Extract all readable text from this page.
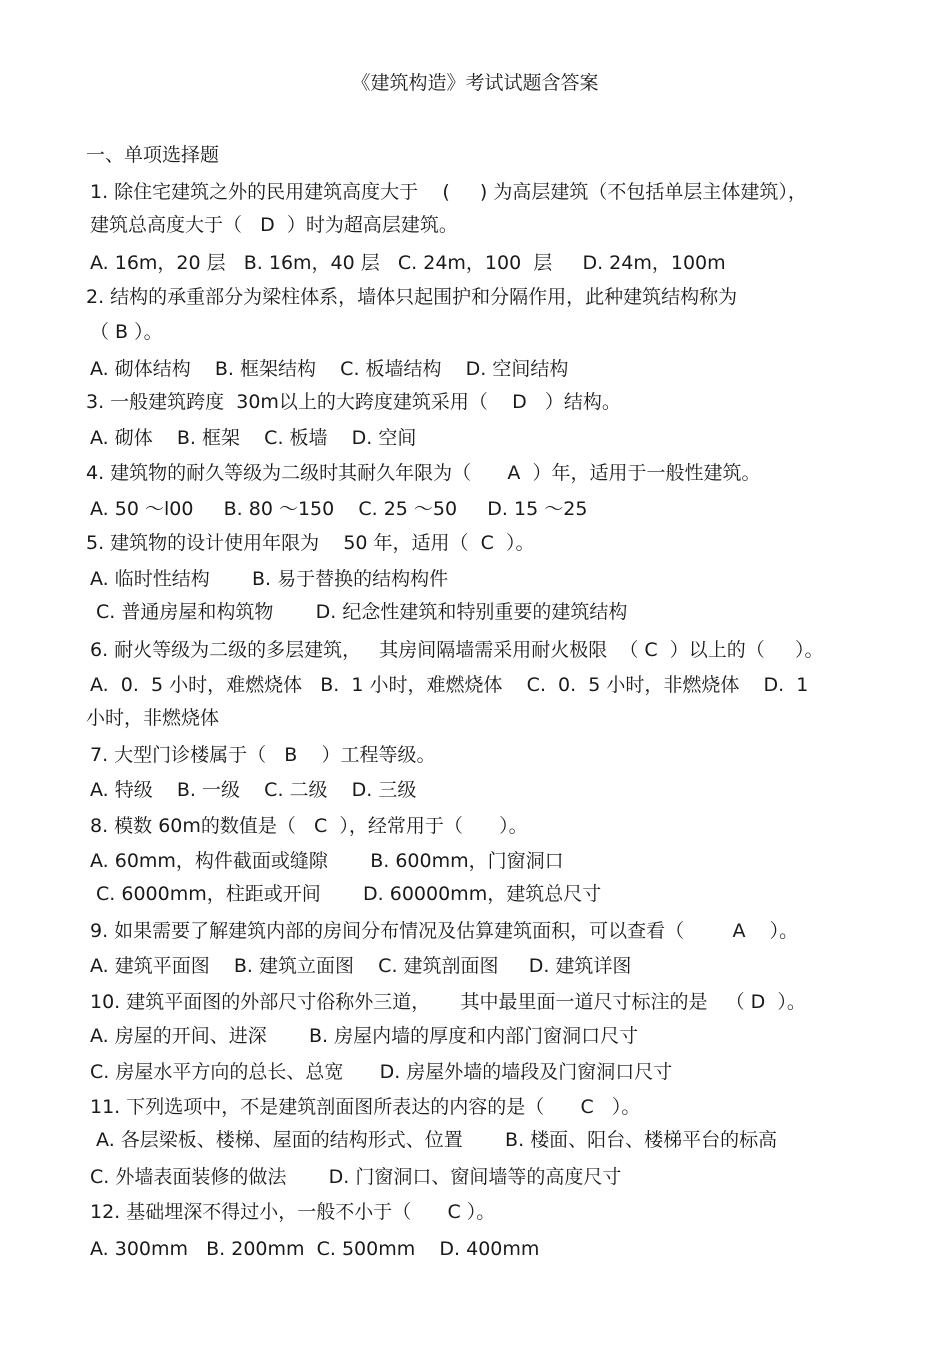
《建筑构造》考试试题含答案
一、单项选择题
1. 除住宅建筑之外的民用建筑高度大于    (     ) 为高层建筑（不包括单层主体建筑），
建筑总高度大于（   D  ）时为超高层建筑。
A. 16m，20 层   B. 16m，40 层   C. 24m，100  层     D. 24m，100m
2. 结构的承重部分为梁柱体系，墙体只起围护和分隔作用，此种建筑结构称为
（ B ）。
A. 砌体结构    B. 框架结构    C. 板墙结构    D. 空间结构
3. 一般建筑跨度  30m以上的大跨度建筑采用（    D   ）结构。
A. 砌体    B. 框架    C. 板墙    D. 空间
4. 建筑物的耐久等级为二级时其耐久年限为（      A  ）年，适用于一般性建筑。
A. 50 ～l00     B. 80 ～150    C. 25 ～50     D. 15 ～25
5. 建筑物的设计使用年限为    50 年，适用（  C  ）。
A. 临时性结构       B. 易于替换的结构构件
C. 普通房屋和构筑物       D. 纪念性建筑和特别重要的建筑结构
6. 耐火等级为二级的多层建筑，   其房间隔墙需采用耐火极限  （ C  ）以上的（     ）。
A.  0.  5 小时，难燃烧体   B.  1 小时，难燃烧体    C.  0.  5 小时，非燃烧体    D.  1
小时，非燃烧体
7. 大型门诊楼属于（   B    ）工程等级。
A. 特级    B. 一级    C. 二级    D. 三级
8. 模数 60m的数值是（   C  ），经常用于（      ）。
A. 60mm，构件截面或缝隙       B. 600mm，门窗洞口
C. 6000mm，柱距或开间       D. 60000mm，建筑总尺寸
9. 如果需要了解建筑内部的房间分布情况及估算建筑面积，可以查看（        A    ）。
A. 建筑平面图    B. 建筑立面图    C. 建筑剖面图     D. 建筑详图
10. 建筑平面图的外部尺寸俗称外三道，     其中最里面一道尺寸标注的是   （ D  ）。
A. 房屋的开间、进深       B. 房屋内墙的厚度和内部门窗洞口尺寸
C. 房屋水平方向的总长、总宽      D. 房屋外墙的墙段及门窗洞口尺寸
11. 下列选项中，不是建筑剖面图所表达的内容的是（      C   ）。
A. 各层梁板、楼梯、屋面的结构形式、位置       B. 楼面、阳台、楼梯平台的标高
C. 外墙表面装修的做法       D. 门窗洞口、窗间墙等的高度尺寸
12. 基础埋深不得过小，一般不小于（      C ）。
A. 300mm   B. 200mm  C. 500mm    D. 400mm
